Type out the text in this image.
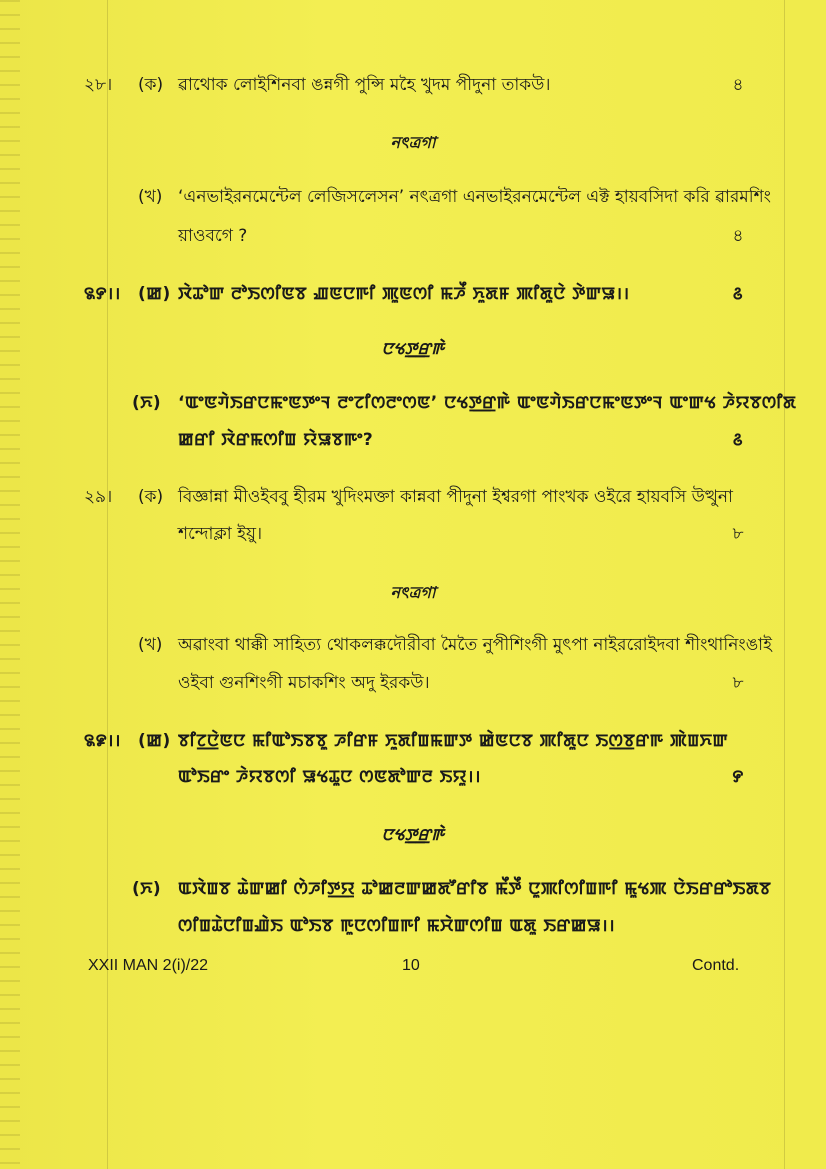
২৮। (ক) ৱাথোক লোইশিনবা ঙন্নগী পুন্সি মহৈ খুদম পীদুনা তাকউ।	৪
নৎত্রগা
(খ) ‘এনভাইরনমেন্টেল লেজিসলেসন’ নৎত্রগা এনভাইরনমেন্টেল এক্ট হায়বসিদা করি ৱারমশিং
য়াওবগে ?	৪
꯲꯸।। (ꯀ) ꯋꯥꯊꯣꯛ ꯂꯣꯏꯁꯤꯟꯕ ꯉꯟꯅꯒꯤ ꯄꯨꯟꯁꯤ ꯃꯍꯩ ꯈꯨꯗꯝ ꯄꯤꯗꯨꯅꯥ ꯇꯥꯛꯎ।।	꯴
ꯅꯠꯇ꯭ꯔꯒꯥ
(ꯈ) ‘ꯑꯦꯟꯚꯥꯏꯔꯅꯃꯦꯟꯇꯦꯜ ꯂꯦꯖꯤꯁꯂꯦꯁꯟ’ ꯅꯠꯇ꯭ꯔꯒꯥ ꯑꯦꯟꯚꯥꯏꯔꯅꯃꯦꯟꯇꯦꯜ ꯑꯦꯛꯠ ꯍꯥꯌꯕꯁꯤꯗ
ꯀꯔꯤ ꯋꯥꯔꯃꯁꯤꯡ ꯌꯥꯎꯕꯒꯦ?	꯴
২৯। (ক) বিজ্ঞান্না মীওইববু হীরম খুদিংমক্তা কান্নবা পীদুনা ইশ্বরগা পাংখক ওইরে হায়বসি উত্থুনা
শন্দোক্লা ইয়ু।	৮
নৎত্রগা
(খ) অৱাংবা থাক্কী সাহিত্য থোকলক্কদৌরীবা মৈতৈ নুপীশিংগী মুৎপা নাইররোইদবা শীংথানিংঙাই
ওইবা গুনশিংগী মচাকশিং অদু ইরকউ।	৮
꯲꯹।। (ꯀ) ꯕꯤꯖ꯭ꯅꯥꯟꯅ ꯃꯤꯑꯣꯏꯕꯕꯨ ꯍꯤꯔꯝ ꯈꯨꯗꯤꯡꯃꯛꯇ ꯀꯥꯟꯅꯕ ꯄꯤꯗꯨꯅ ꯏꯁ꯭ꯕꯔꯒ ꯄꯥꯡꯈꯛ
ꯑꯣꯏꯔꯦ ꯍꯥꯌꯕꯁꯤ ꯎꯠꯊꯨꯅ ꯁꯟꯗꯣꯛꯂ ꯏꯌꯨ।।	꯸
ꯅꯠꯇ꯭ꯔꯒꯥ
(ꯈ) ꯑꯋꯥꯡꯕ ꯊꯥꯛꯀꯤ ꯁꯥꯍꯤꯇ꯭ꯌ ꯊꯣꯀꯂꯛꯀꯗꯧꯔꯤꯕ ꯃꯩꯇꯩ ꯅꯨꯄꯤꯁꯤꯡꯒꯤ ꯃꯨꯠꯄ ꯅꯥꯏꯔꯔꯣꯏꯗꯕ
ꯁꯤꯡꯊꯥꯅꯤꯡꯉꯥꯏ ꯑꯣꯏꯕ ꯒꯨꯅꯁꯤꯡꯒꯤ ꯃꯆꯥꯛꯁꯤꯡ ꯑꯗꯨ ꯏꯔꯀꯎ।।
XXII MAN 2(i)/22	10	Contd.
